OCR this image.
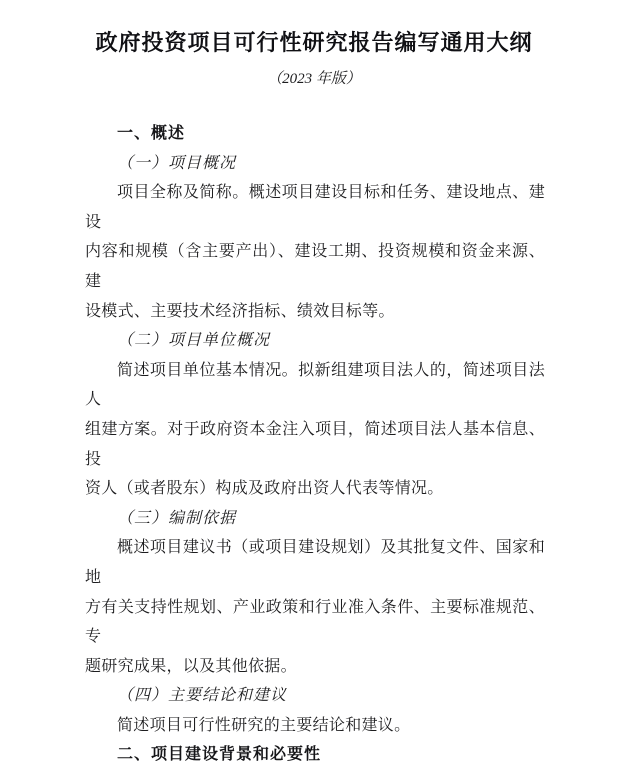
政府投资项目可行性研究报告编写通用大纲
（2023 年版）
一、概述
（一）项目概况
项目全称及简称。概述项目建设目标和任务、建设地点、建设
内容和规模（含主要产出）、建设工期、投资规模和资金来源、建
设模式、主要技术经济指标、绩效目标等。
（二）项目单位概况
简述项目单位基本情况。拟新组建项目法人的，简述项目法人
组建方案。对于政府资本金注入项目，简述项目法人基本信息、投
资人（或者股东）构成及政府出资人代表等情况。
（三）编制依据
概述项目建议书（或项目建设规划）及其批复文件、国家和地
方有关支持性规划、产业政策和行业准入条件、主要标准规范、专
题研究成果，以及其他依据。
（四）主要结论和建议
简述项目可行性研究的主要结论和建议。
二、项目建设背景和必要性
